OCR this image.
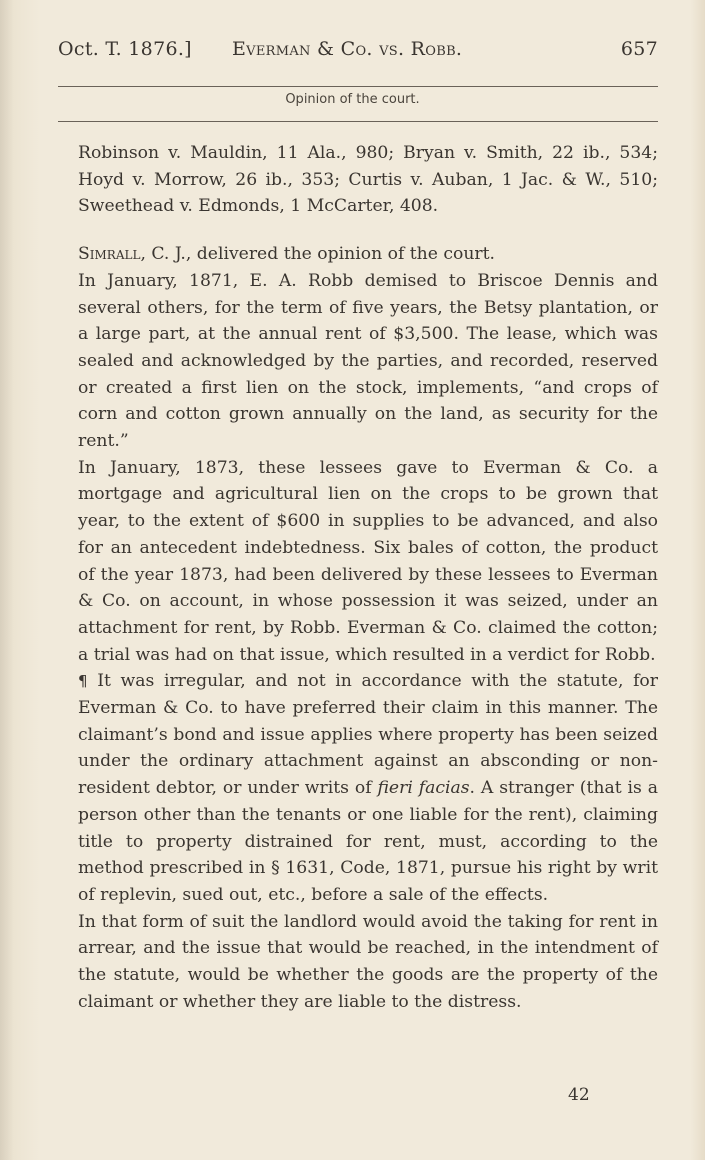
Oct. T. 1876.] Everman & Co. vs. Robb.	657
Opinion of the court.

Robinson v. Mauldin, 11 Ala., 980; Bryan v. Smith, 22 ib., 534; Hoyd v. Morrow, 26 ib., 353; Curtis v. Auban, 1 Jac. & W., 510; Sweethead v. Edmonds, 1 McCarter, 408.

Simrall, C. J., delivered the opinion of the court.

In January, 1871, E. A. Robb demised to Briscoe Dennis and several others, for the term of five years, the Betsy plantation, or a large part, at the annual rent of $3,500. The lease, which was sealed and acknowledged by the parties, and recorded, reserved or created a first lien on the stock, implements, “and crops of corn and cotton grown annually on the land, as security for the rent.”

In January, 1873, these lessees gave to Everman & Co. a mortgage and agricultural lien on the crops to be grown that year, to the extent of $600 in supplies to be advanced, and also for an antecedent indebtedness. Six bales of cotton, the product of the year 1873, had been delivered by these lessees to Everman & Co. on account, in whose possession it was seized, under an attachment for rent, by Robb. Everman & Co. claimed the cotton; a trial was had on that issue, which resulted in a verdict for Robb.

¶ It was irregular, and not in accordance with the statute, for Everman & Co. to have preferred their claim in this manner. The claimant’s bond and issue applies where property has been seized under the ordinary attachment against an absconding or non-resident debtor, or under writs of fieri facias. A stranger (that is a person other than the tenants or one liable for the rent), claiming title to property distrained for rent, must, according to the method prescribed in § 1631, Code, 1871, pursue his right by writ of replevin, sued out, etc., before a sale of the effects.

In that form of suit the landlord would avoid the taking for rent in arrear, and the issue that would be reached, in the intendment of the statute, would be whether the goods are the property of the claimant or whether they are liable to the distress.

42
